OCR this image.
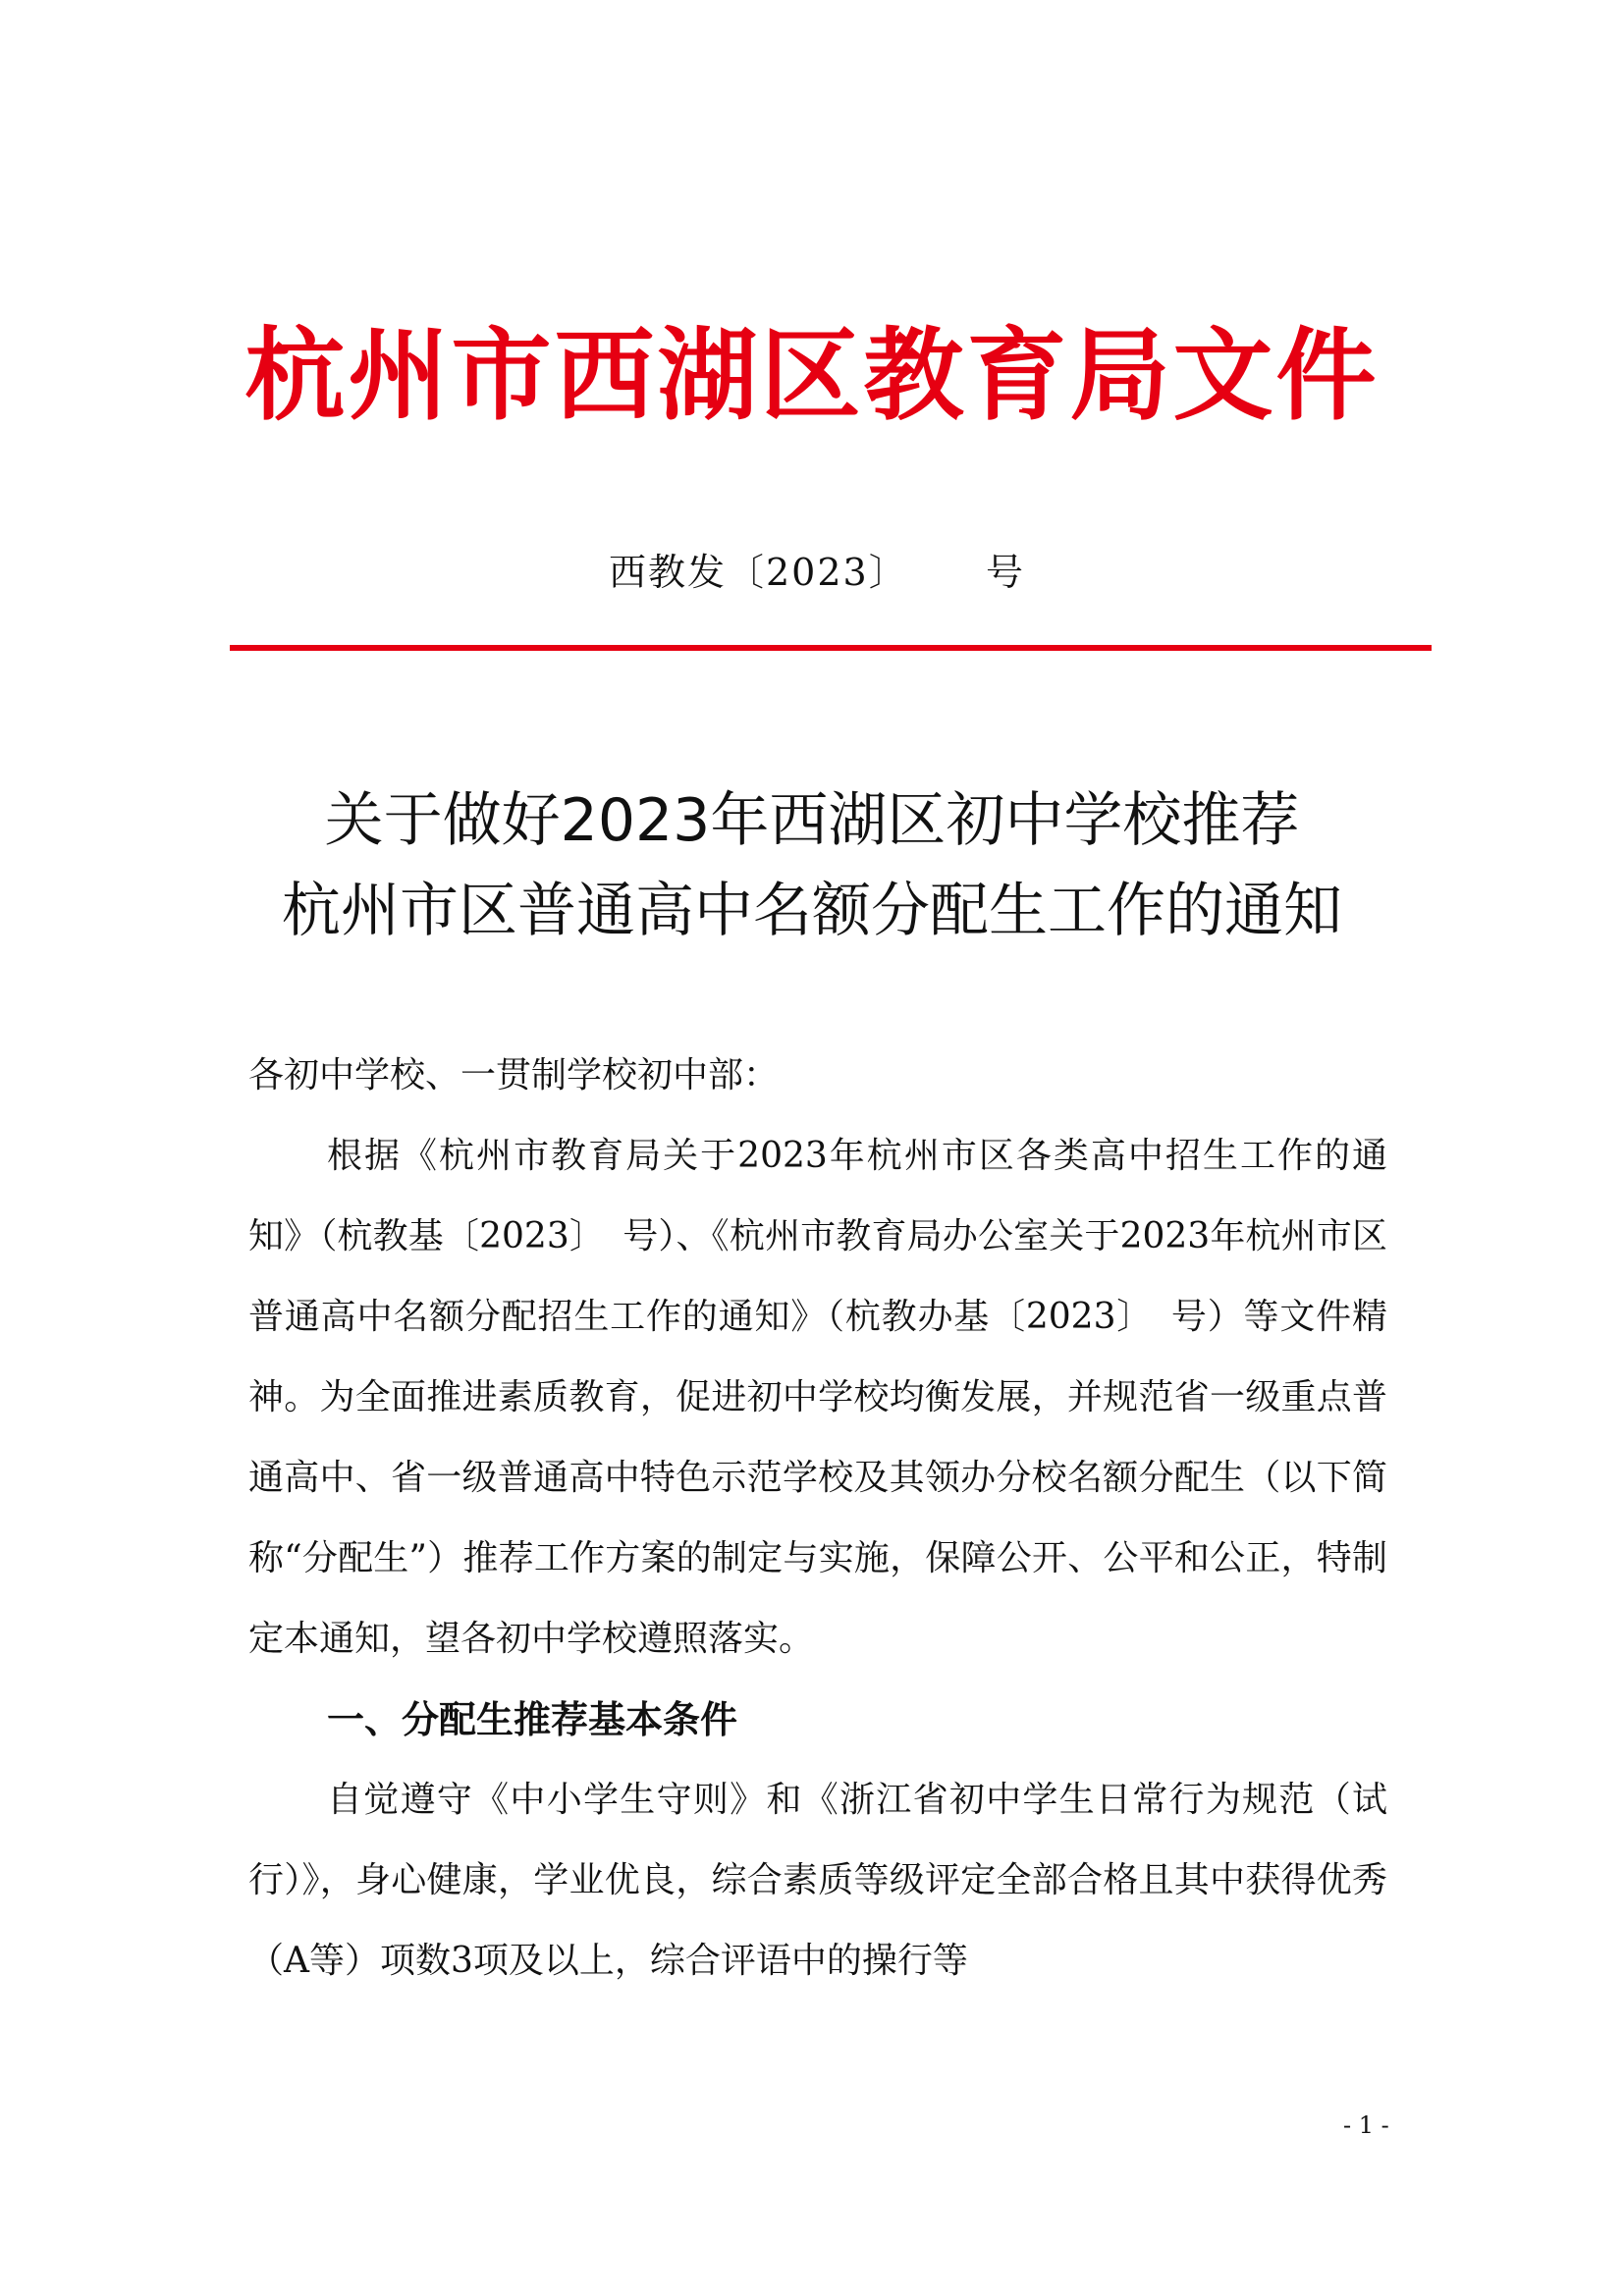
杭州市西湖区教育局文件
西教发〔2023〕 号
关于做好2023年西湖区初中学校推荐
杭州市区普通高中名额分配生工作的通知

各初中学校、一贯制学校初中部：

根据《杭州市教育局关于2023年杭州市区各类高中招生工作的通知》（杭教基〔2023〕　号）、《杭州市教育局办公室关于2023年杭州市区普通高中名额分配招生工作的通知》（杭教办基〔2023〕　号）等文件精神。为全面推进素质教育，促进初中学校均衡发展，并规范省一级重点普通高中、省一级普通高中特色示范学校及其领办分校名额分配生（以下简称“分配生”）推荐工作方案的制定与实施，保障公开、公平和公正，特制定本通知，望各初中学校遵照落实。

一、分配生推荐基本条件

自觉遵守《中小学生守则》和《浙江省初中学生日常行为规范（试行）》，身心健康，学业优良，综合素质等级评定全部合格且其中获得优秀（A等）项数3项及以上，综合评语中的操行等

- 1 -
